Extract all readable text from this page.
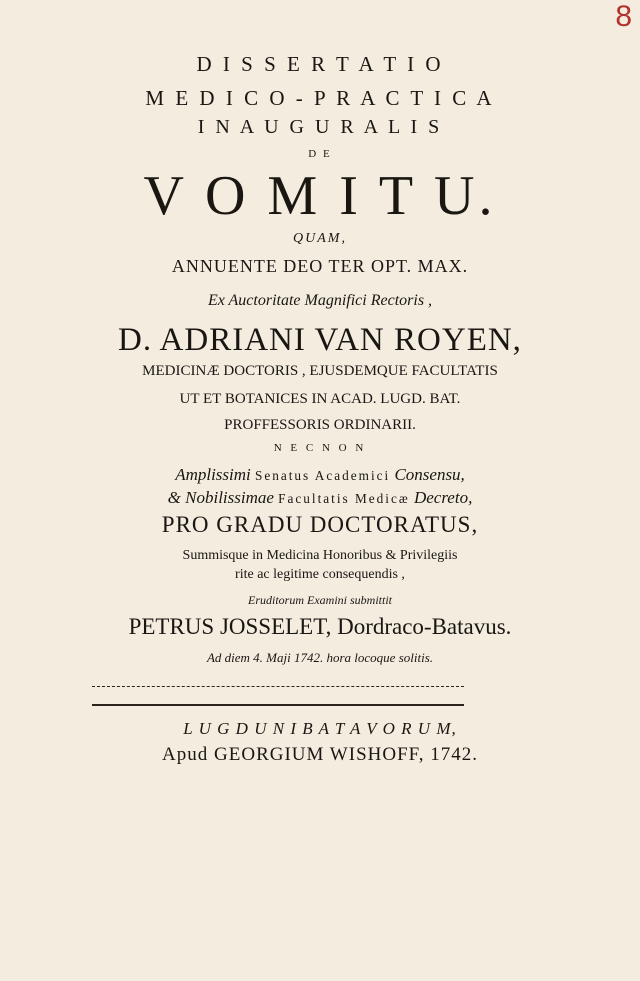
8
D I S S E R T A T I O
M E D I C O - P R A C T I C A
I N A U G U R A L I S
D E
V O M I T U.
QUAM,
ANNUENTE DEO TER OPT. MAX.
Ex Auctoritate Magnifici Rectoris ,
D. ADRIANI VAN ROYEN,
MEDICINÆ DOCTORIS , EJUSDEMQUE FACULTATIS
UT ET BOTANICES IN ACAD. LUGD. BAT.
PROFFESSORIS ORDINARII.
N E C N O N
Amplissimi Senatus Academici Consensu,
& Nobilissimae Facultatis Medicæ Decreto,
PRO GRADU DOCTORATUS,
Summisque in Medicina Honoribus & Privilegiis
rite ac legitime consequendis ,
Eruditorum Examini submittit
PETRUS JOSSELET, Dordraco-Batavus.
Ad diem 4. Maji 1742. hora locoque solitis.
L U G D U N I B A T A V O R U M,
Apud GEORGIUM WISHOFF, 1742.
